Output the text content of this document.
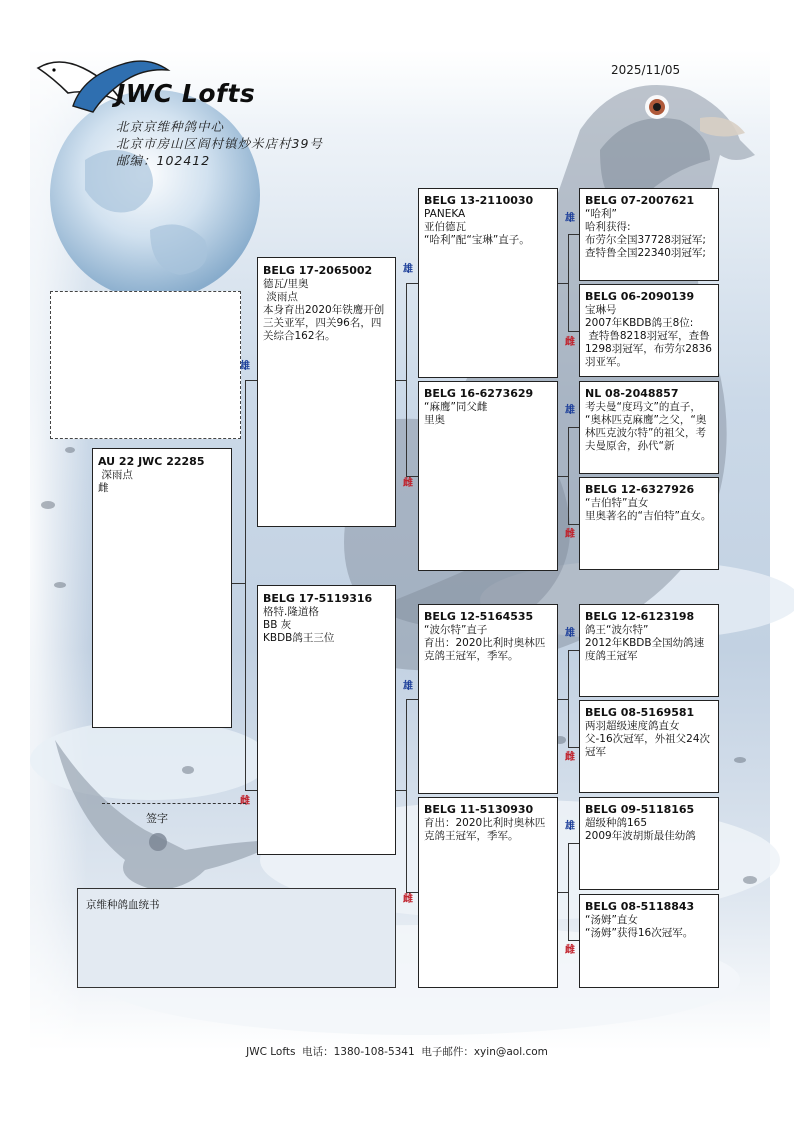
2025/11/05
JWC Lofts
北京京维种鸽中心
北京市房山区阎村镇炒米店村39号
邮编：102412
AU 22 JWC 22285
深雨点
雌
BELG 17-2065002
德瓦/里奥
淡雨点
本身育出2020年铁鹰开创三关亚军，四关96名，四关综合162名。
BELG 17-5119316
格特.隆道格
BB 灰
KBDB鸽王三位
BELG 13-2110030
PANEKA
亚伯德瓦
“哈利”配“宝琳”直子。
BELG 16-6273629
“麻鹰”同父雌
里奥
BELG 12-5164535
“波尔特”直子
育出：2020比利时奥林匹克鸽王冠军，季军。
BELG 11-5130930
育出：2020比利时奥林匹克鸽王冠军，季军。
BELG 07-2007621
“哈利”
哈利获得:
布劳尔全国37728羽冠军;
查特鲁全国22340羽冠军;
BELG 06-2090139
宝琳号
2007年KBDB鸽王8位:
查特鲁8218羽冠军，查鲁1298羽冠军，布劳尔2836羽亚军。
NL 08-2048857
考夫曼“度玛文”的直子，
“奥林匹克麻鹰”之父，“奥林匹克波尔特”的祖父，考夫曼原舍，孙代“新
BELG 12-6327926
“吉伯特”直女
里奥著名的“吉伯特”直女。
BELG 12-6123198
鸽王“波尔特”
2012年KBDB全国幼鸽速度鸽王冠军
BELG 08-5169581
两羽超级速度鸽直女
父-16次冠军，外祖父24次冠军
BELG 09-5118165
超级种鸽165
2009年波胡斯最佳幼鸽
BELG 08-5118843
“汤姆”直女
“汤姆”获得16次冠军。
雄
雌
雄
雌
雄
雌
雄
雌
雄
雌
雄
雌
雄
雌
签字
京维种鸽血统书
JWC Lofts  电话：1380-108-5341  电子邮件：xyin@aol.com
